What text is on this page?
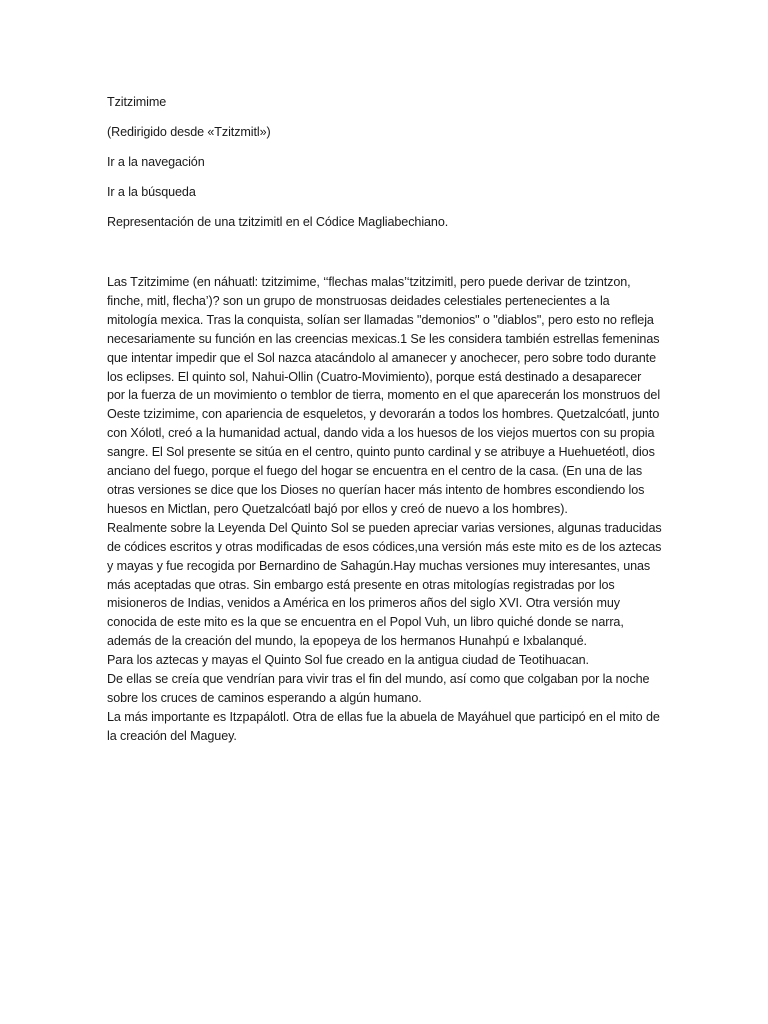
Tzitzimime

(Redirigido desde «Tzitzmitl»)

Ir a la navegación

Ir a la búsqueda

Representación de una tzitzimitl en el Códice Magliabechiano.

Las Tzitzimime (en náhuatl: tzitzimime, ‘‘flechas malas’‘tzitzimitl, pero puede derivar de tzintzon, finche, mitl, flecha’)? son un grupo de monstruosas deidades celestiales pertenecientes a la mitología mexica. Tras la conquista, solían ser llamadas "demonios" o "diablos", pero esto no refleja necesariamente su función en las creencias mexicas.1 Se les considera también estrellas femeninas que intentar impedir que el Sol nazca atacándolo al amanecer y anochecer, pero sobre todo durante los eclipses. El quinto sol, Nahui-Ollin (Cuatro-Movimiento), porque está destinado a desaparecer por la fuerza de un movimiento o temblor de tierra, momento en el que aparecerán los monstruos del Oeste tzizimime, con apariencia de esqueletos, y devorarán a todos los hombres. Quetzalcóatl, junto con Xólotl, creó a la humanidad actual, dando vida a los huesos de los viejos muertos con su propia sangre. El Sol presente se sitúa en el centro, quinto punto cardinal y se atribuye a Huehuetéotl, dios anciano del fuego, porque el fuego del hogar se encuentra en el centro de la casa. (En una de las otras versiones se dice que los Dioses no querían hacer más intento de hombres escondiendo los huesos en Mictlan, pero Quetzalcóatl bajó por ellos y creó de nuevo a los hombres).

Realmente sobre la Leyenda Del Quinto Sol se pueden apreciar varias versiones, algunas traducidas de códices escritos y otras modificadas de esos códices,una versión más este mito es de los aztecas y mayas y fue recogida por Bernardino de Sahagún.Hay muchas versiones muy interesantes, unas más aceptadas que otras. Sin embargo está presente en otras mitologías registradas por los misioneros de Indias, venidos a América en los primeros años del siglo XVI. Otra versión muy conocida de este mito es la que se encuentra en el Popol Vuh, un libro quiché donde se narra, además de la creación del mundo, la epopeya de los hermanos Hunahpú e Ixbalanqué.

Para los aztecas y mayas el Quinto Sol fue creado en la antigua ciudad de Teotihuacan.

De ellas se creía que vendrían para vivir tras el fin del mundo, así como que colgaban por la noche sobre los cruces de caminos esperando a algún humano.

La más importante es Itzpapálotl. Otra de ellas fue la abuela de Mayáhuel que participó en el mito de la creación del Maguey.
